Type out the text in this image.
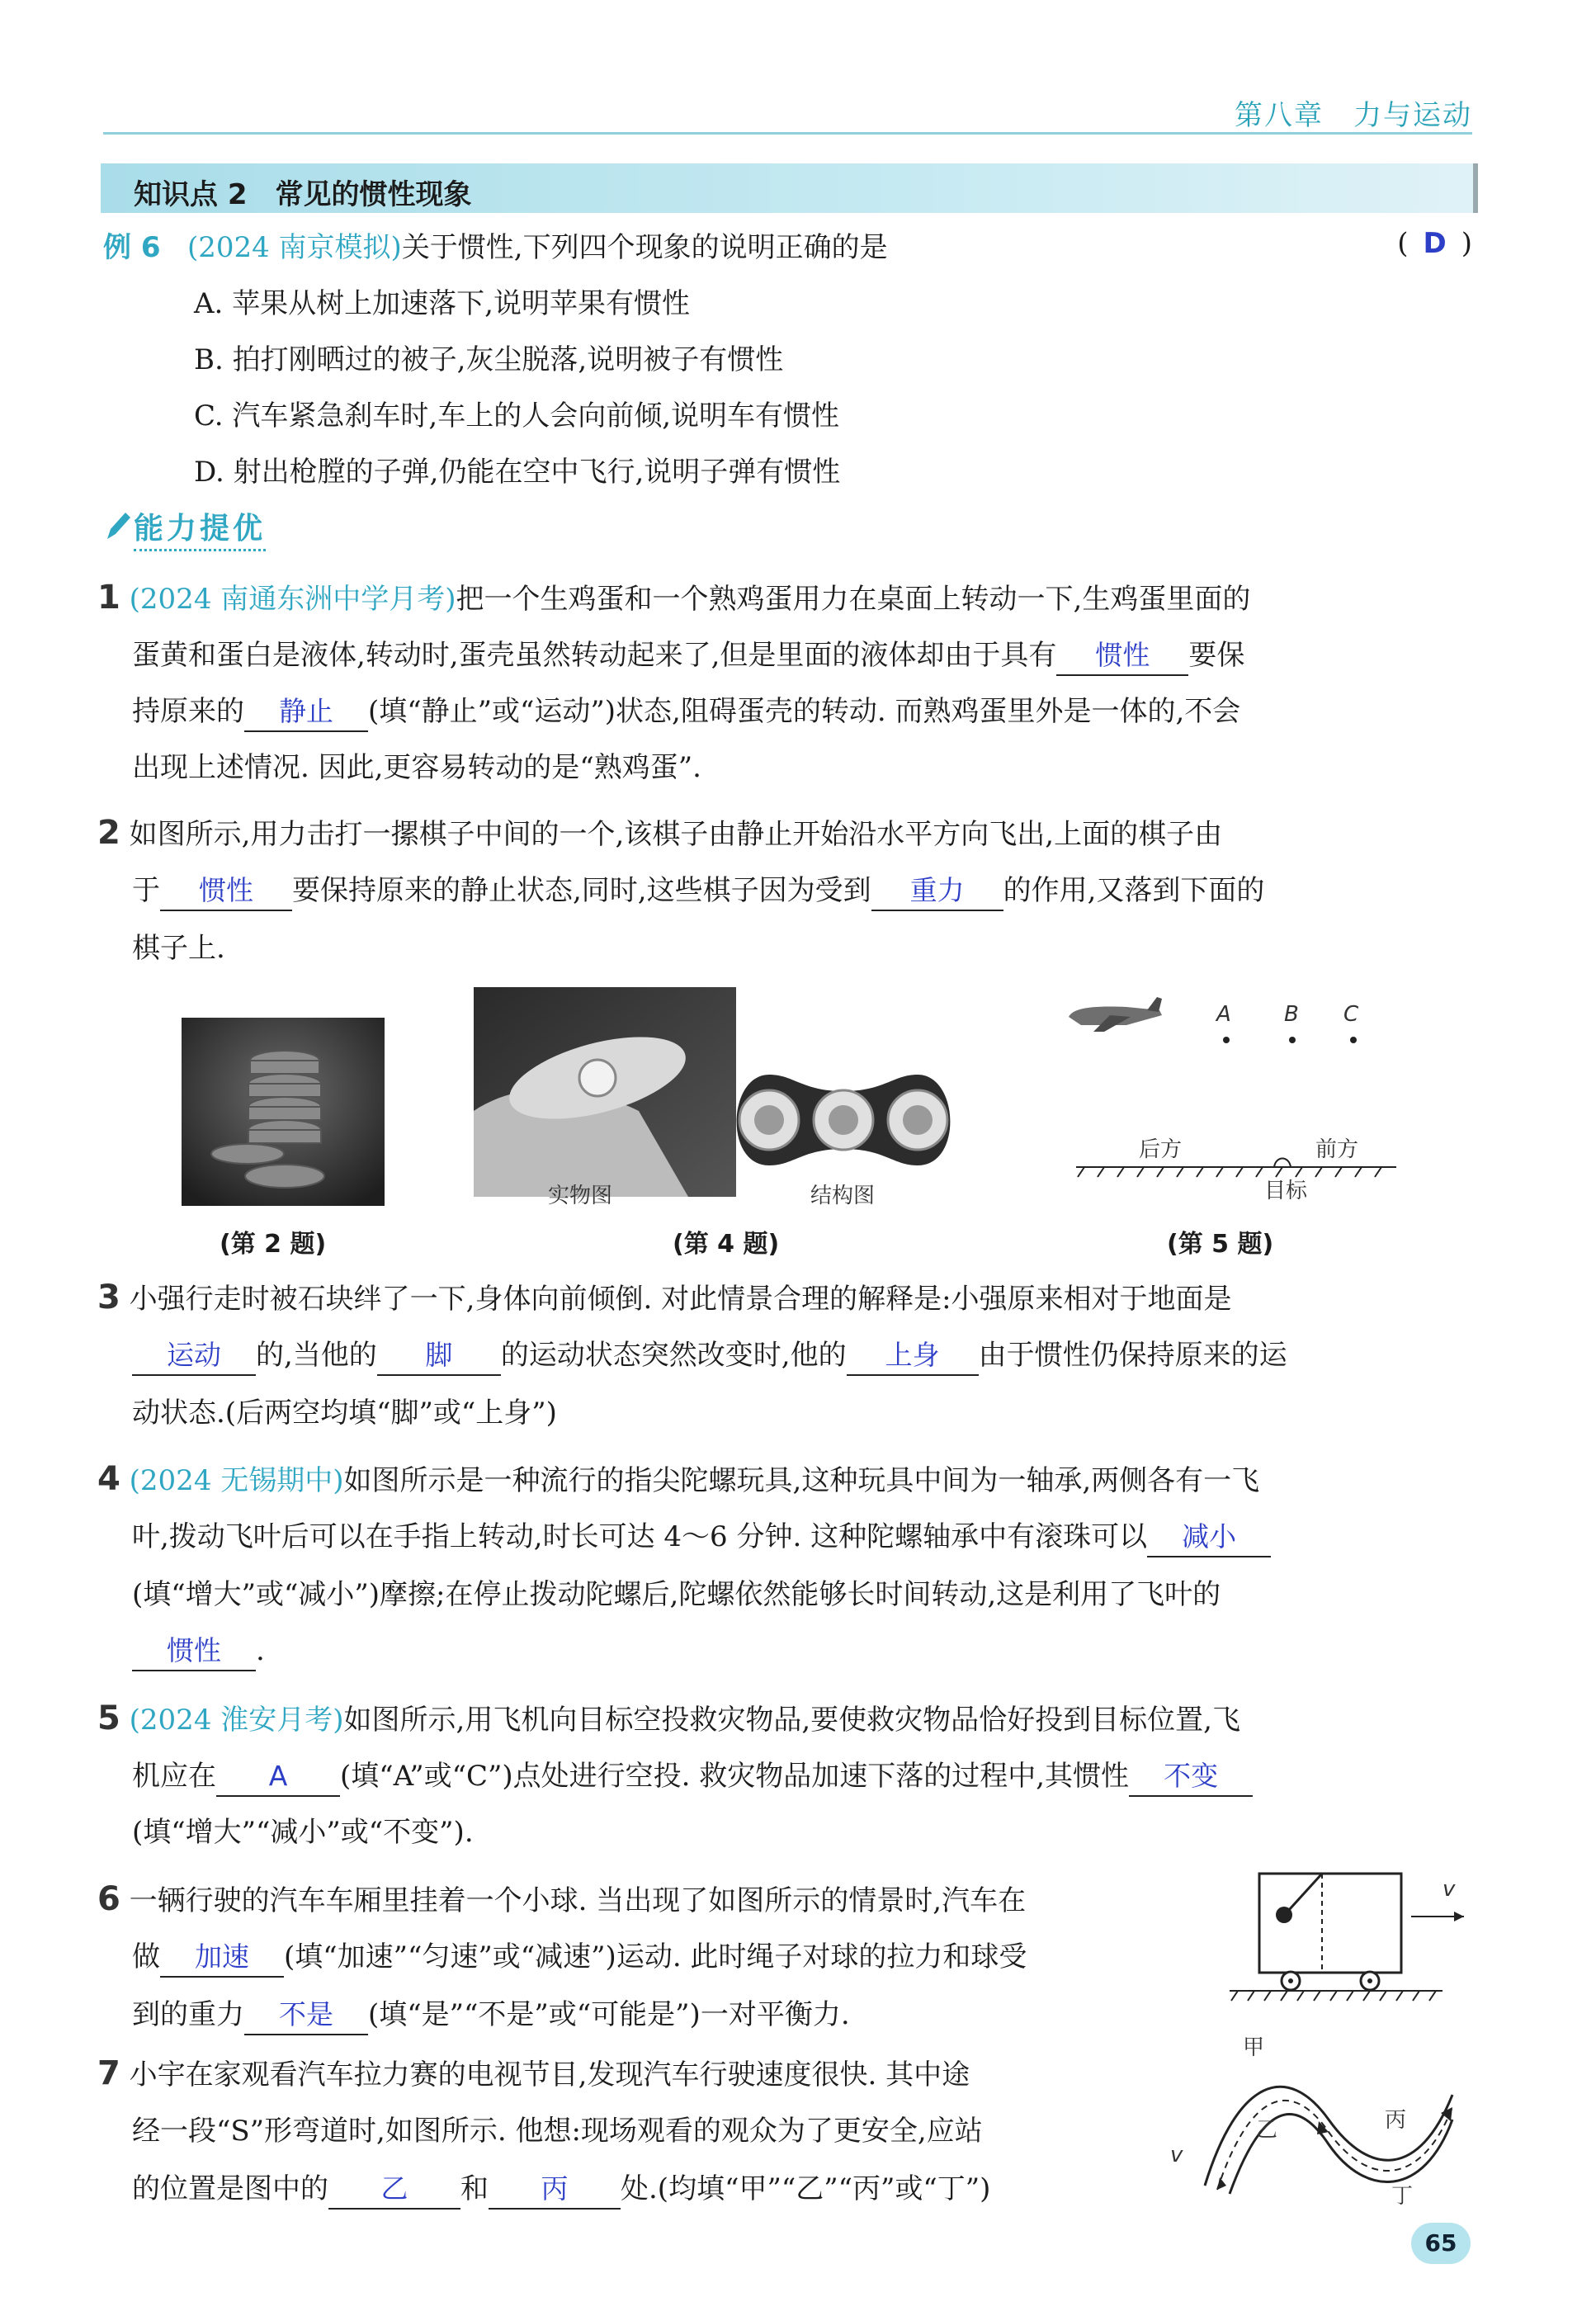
第八章　力与运动
知识点 2　常见的惯性现象
例 6 (2024 南京模拟)关于惯性,下列四个现象的说明正确的是	( D )
A. 苹果从树上加速落下,说明苹果有惯性
B. 拍打刚晒过的被子,灰尘脱落,说明被子有惯性
C. 汽车紧急刹车时,车上的人会向前倾,说明车有惯性
D. 射出枪膛的子弹,仍能在空中飞行,说明子弹有惯性
能力提优
1 (2024 南通东洲中学月考)把一个生鸡蛋和一个熟鸡蛋用力在桌面上转动一下,生鸡蛋里面的
蛋黄和蛋白是液体,转动时,蛋壳虽然转动起来了,但是里面的液体却由于具有 惯性 要保
持原来的 静止 (填“静止”或“运动”)状态,阻碍蛋壳的转动. 而熟鸡蛋里外是一体的,不会
出现上述情况. 因此,更容易转动的是“熟鸡蛋”.
2 如图所示,用力击打一摞棋子中间的一个,该棋子由静止开始沿水平方向飞出,上面的棋子由
于 惯性 要保持原来的静止状态,同时,这些棋子因为受到 重力 的作用,又落到下面的
棋子上.
(第 2 题)
实物图	结构图
(第 4 题)
A B C
后方	前方
目标
(第 5 题)
3 小强行走时被石块绊了一下,身体向前倾倒. 对此情景合理的解释是:小强原来相对于地面是
运动 的,当他的 脚 的运动状态突然改变时,他的 上身 由于惯性仍保持原来的运
动状态.(后两空均填“脚”或“上身”)
4 (2024 无锡期中)如图所示是一种流行的指尖陀螺玩具,这种玩具中间为一轴承,两侧各有一飞
叶,拨动飞叶后可以在手指上转动,时长可达 4～6 分钟. 这种陀螺轴承中有滚珠可以 减小
(填“增大”或“减小”)摩擦;在停止拨动陀螺后,陀螺依然能够长时间转动,这是利用了飞叶的
惯性 .
5 (2024 淮安月考)如图所示,用飞机向目标空投救灾物品,要使救灾物品恰好投到目标位置,飞
机应在 A (填“A”或“C”)点处进行空投. 救灾物品加速下落的过程中,其惯性 不变
(填“增大”“减小”或“不变”).
6 一辆行驶的汽车车厢里挂着一个小球. 当出现了如图所示的情景时,汽车在
做 加速 (填“加速”“匀速”或“减速”)运动. 此时绳子对球的拉力和球受
到的重力 不是 (填“是”“不是”或“可能是”)一对平衡力.
v
7 小宇在家观看汽车拉力赛的电视节目,发现汽车行驶速度很快. 其中途
经一段“S”形弯道时,如图所示. 他想:现场观看的观众为了更安全,应站
的位置是图中的 乙 和 丙 处.(均填“甲”“乙”“丙”或“丁”)
甲
乙	丙
丁
v
65
